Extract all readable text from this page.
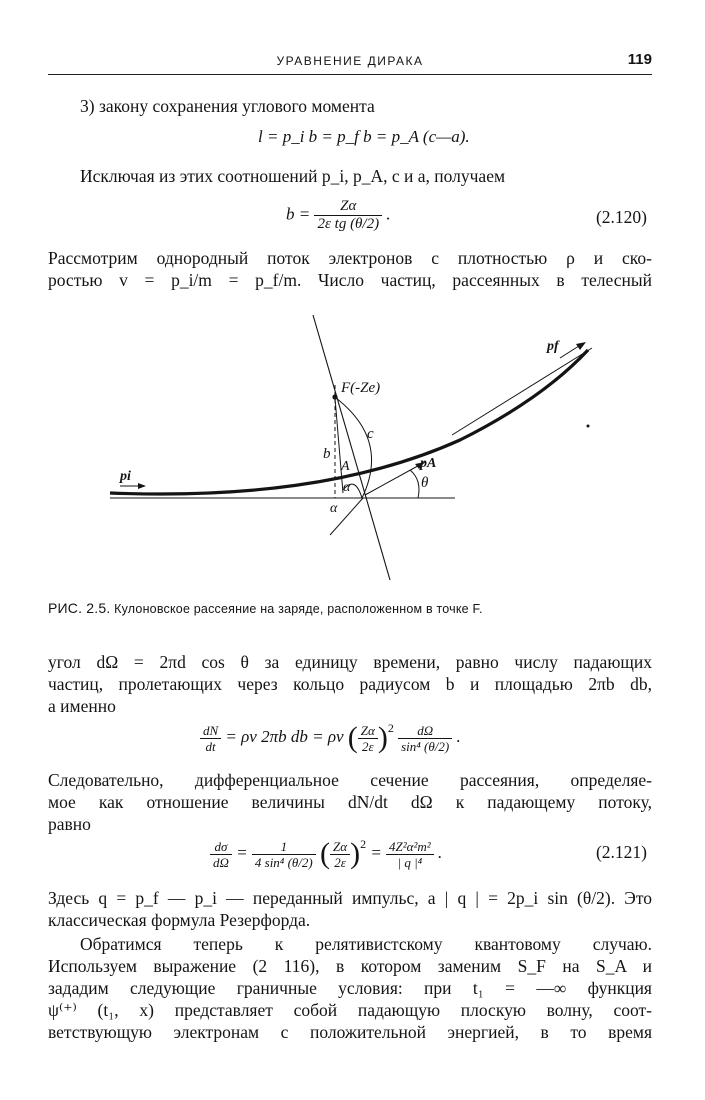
УРАВНЕНИЕ ДИРАКА	119
3) закону сохранения углового момента
l = p_i b = p_f b = p_A (c—a).
Исключая из этих соотношений p_i, p_A, c и a, получаем
$b = \frac{Z\alpha}{\text{2ε tg (θ/2)}}$ .	(2.120)
Рассмотрим однородный поток электронов с плотностью ρ и ско-
ростью v = p_i/m = p_f/m. Число частиц, рассеянных в телесный
pf
F(-Ze)
c
b
A	pA
θ
α
α
pi
РИС. 2.5. Кулоновское рассеяние на заряде, расположенном в точке F.
угол dΩ = 2πd cos θ за единицу времени, равно числу падающих
частиц, пролетающих через кольцо радиусом b и площадью 2πb db,
а именно
$\frac{dN}{dt} = \rho v$ 2πb db = ρv ( $\frac{Z\alpha}{2\varepsilon} )^2 \frac{d\Omega}{\text{sin⁴ (θ/2)}}$ .
Следовательно, дифференциальное сечение рассеяния, определяе-
мое как отношение величины dN/dt dΩ к падающему потоку,
равно
$\frac{d\sigma}{d\Omega} = \frac{1}{\text{4 sin⁴ (θ/2)}}$ ( $\frac{Z\alpha}{2\varepsilon} )^2 = \frac{\text{4Z²α²m²}}{\text{| q |⁴}}$ .	(2.121)
Здесь q = p_f — p_i — переданный импульс, а | q | = 2p_i sin (θ/2). Это
классическая формула Резерфорда.
Обратимся теперь к релятивистскому квантовому случаю.
Используем выражение (2 116), в котором заменим S_F на S_A и
зададим следующие граничные условия: при t₁ = —∞ функция
ψ⁽⁺⁾ (t₁, x) представляет собой падающую плоскую волну, соот-
ветствующую электронам с положительной энергией, в то время
